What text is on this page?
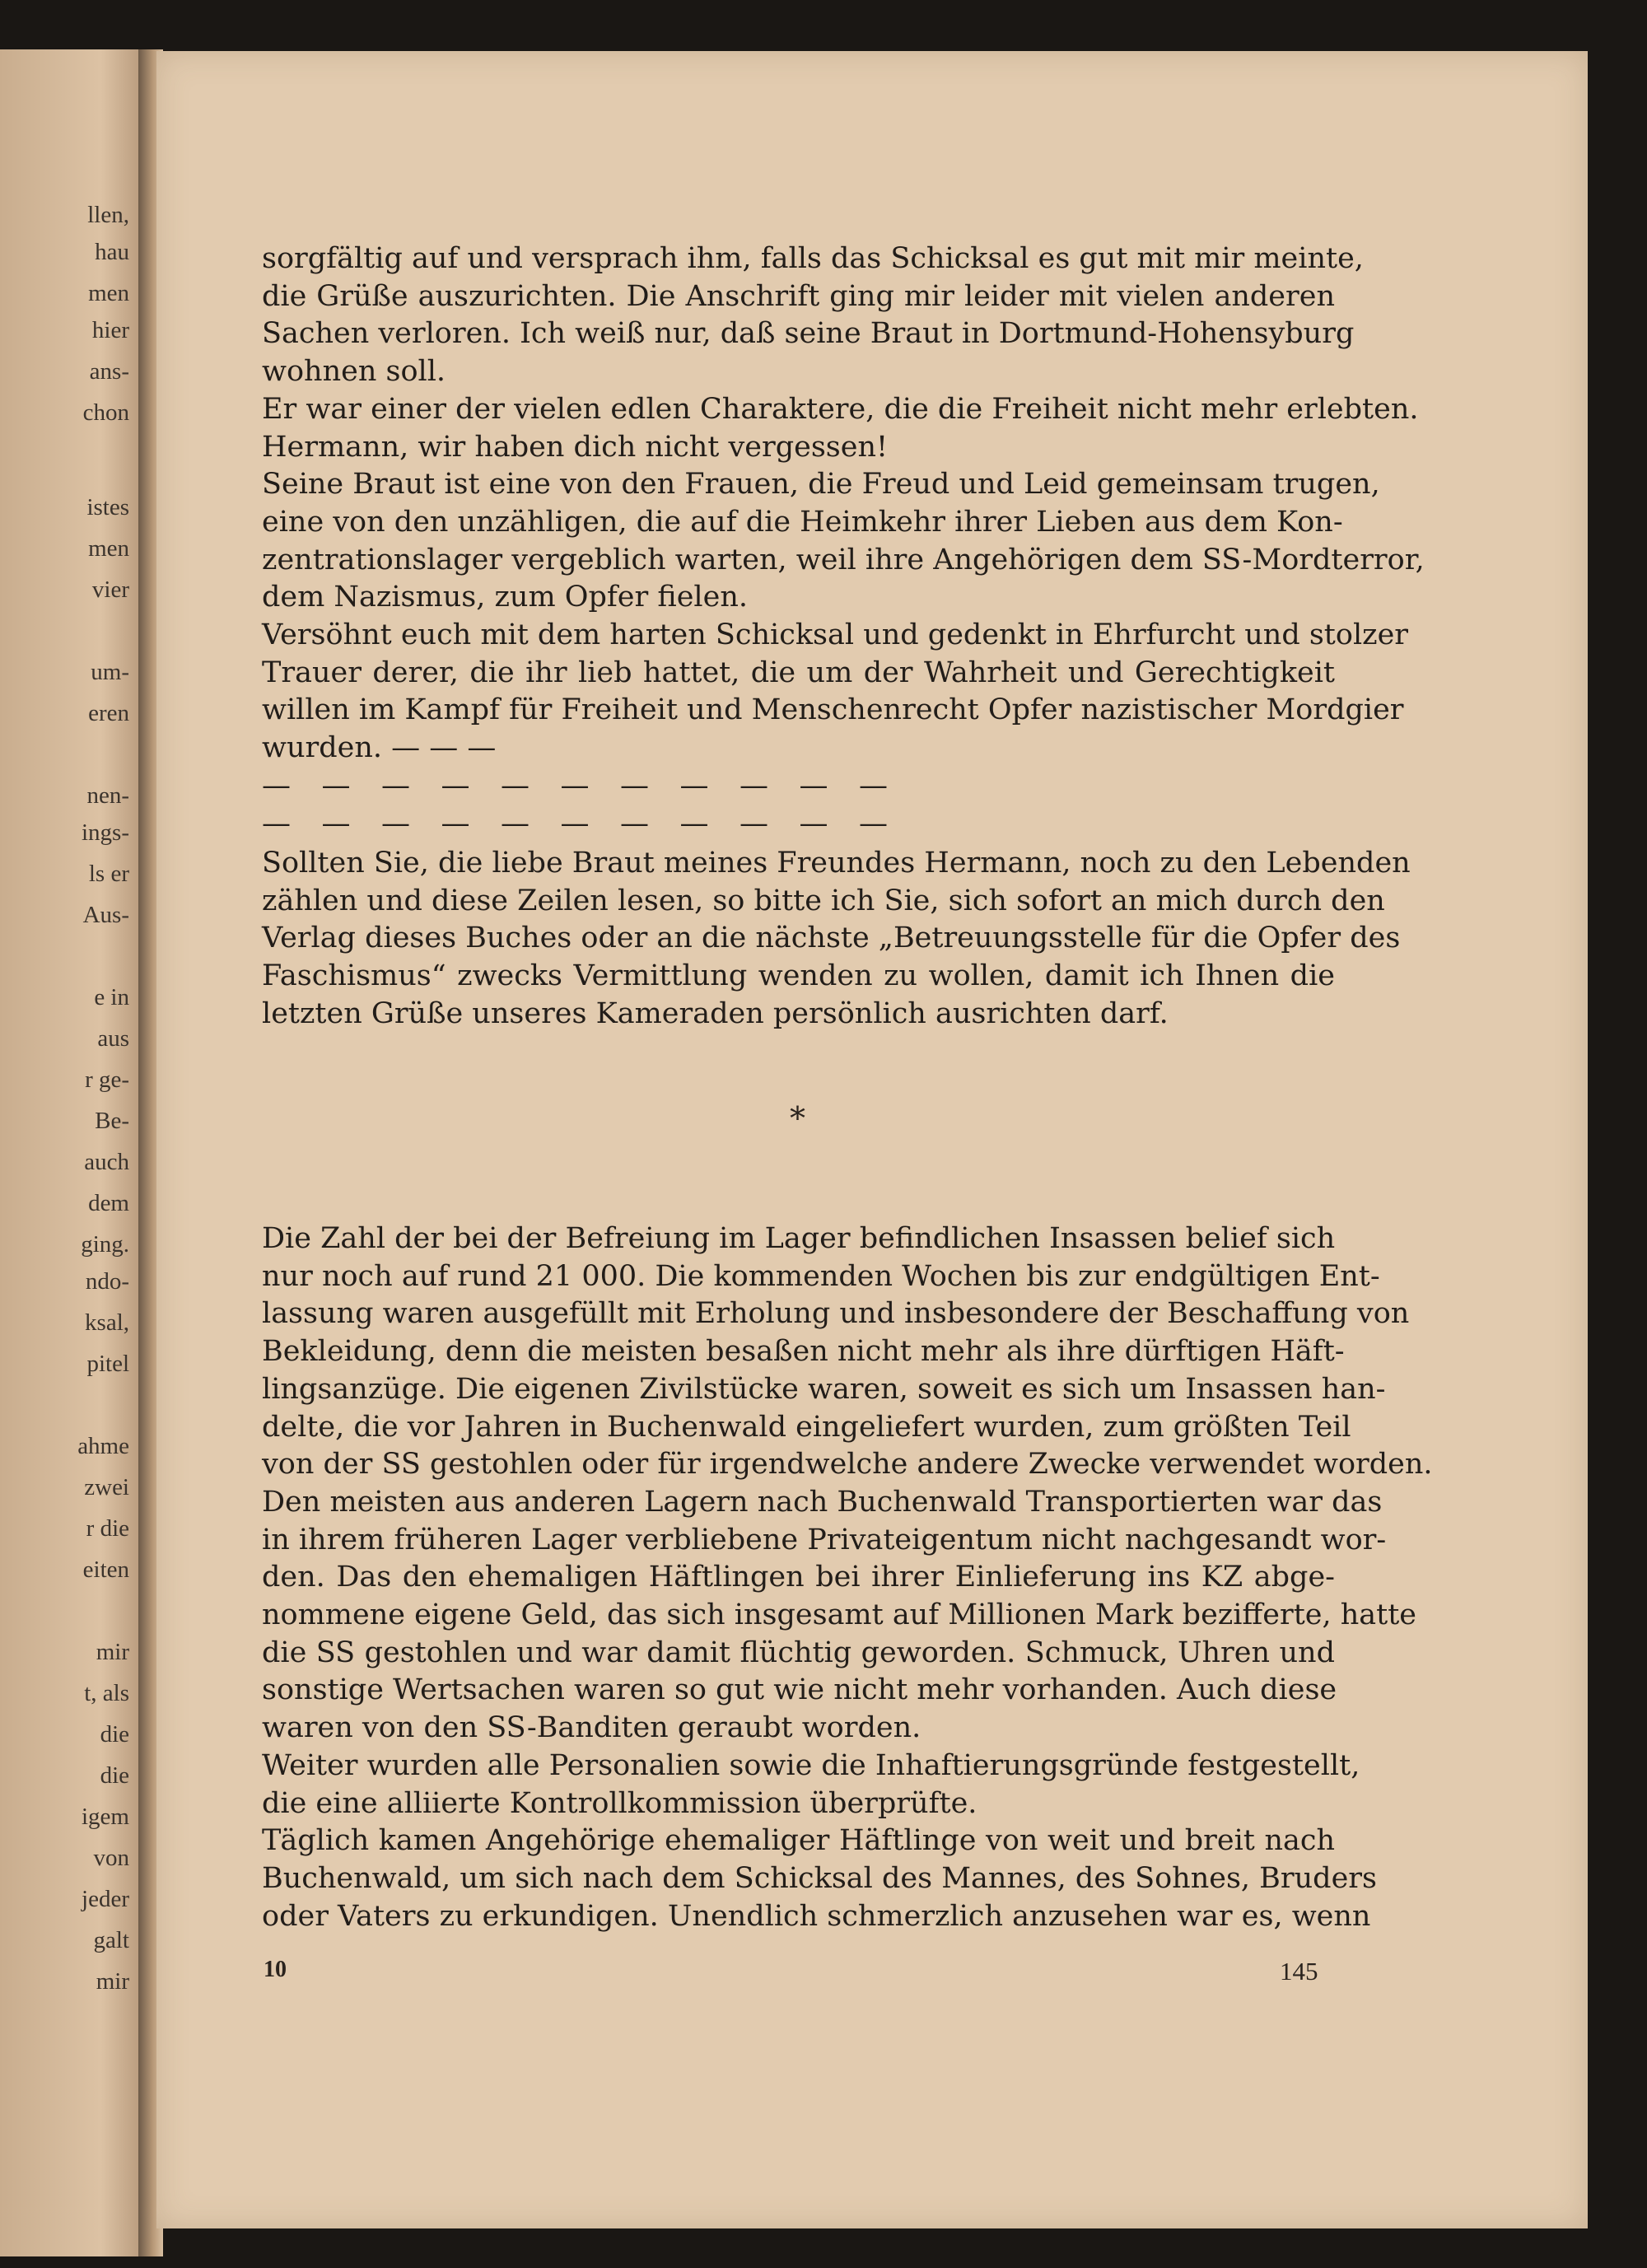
llen,
hau
men
hier
ans-
chon
istes
men
vier
um-
eren
nen-
ings-
ls er
Aus-
e in
aus
r ge-
Be-
auch
dem
ging.
ndo-
ksal,
pitel
ahme
zwei
r die
eiten
mir
t, als
die
die
igem
von
jeder
galt
mir
sorgfältig auf und versprach ihm, falls das Schicksal es gut mit mir meinte,
die Grüße auszurichten. Die Anschrift ging mir leider mit vielen anderen
Sachen verloren. Ich weiß nur, daß seine Braut in Dortmund-Hohensyburg
wohnen soll.
Er war einer der vielen edlen Charaktere, die die Freiheit nicht mehr erlebten.
Hermann, wir haben dich nicht vergessen!
Seine Braut ist eine von den Frauen, die Freud und Leid gemeinsam trugen,
eine von den unzähligen, die auf die Heimkehr ihrer Lieben aus dem Kon-
zentrationslager vergeblich warten, weil ihre Angehörigen dem SS-Mordterror,
dem Nazismus, zum Opfer fielen.
Versöhnt euch mit dem harten Schicksal und gedenkt in Ehrfurcht und stolzer
Trauer derer, die ihr lieb hattet, die um der Wahrheit und Gerechtigkeit
willen im Kampf für Freiheit und Menschenrecht Opfer nazistischer Mordgier
wurden. — — —
— — — — — — — — — — —
— — — — — — — — — — —
Sollten Sie, die liebe Braut meines Freundes Hermann, noch zu den Lebenden
zählen und diese Zeilen lesen, so bitte ich Sie, sich sofort an mich durch den
Verlag dieses Buches oder an die nächste „Betreuungsstelle für die Opfer des
Faschismus“ zwecks Vermittlung wenden zu wollen, damit ich Ihnen die
letzten Grüße unseres Kameraden persönlich ausrichten darf.
*
Die Zahl der bei der Befreiung im Lager befindlichen Insassen belief sich
nur noch auf rund 21 000. Die kommenden Wochen bis zur endgültigen Ent-
lassung waren ausgefüllt mit Erholung und insbesondere der Beschaffung von
Bekleidung, denn die meisten besaßen nicht mehr als ihre dürftigen Häft-
lingsanzüge. Die eigenen Zivilstücke waren, soweit es sich um Insassen han-
delte, die vor Jahren in Buchenwald eingeliefert wurden, zum größten Teil
von der SS gestohlen oder für irgendwelche andere Zwecke verwendet worden.
Den meisten aus anderen Lagern nach Buchenwald Transportierten war das
in ihrem früheren Lager verbliebene Privateigentum nicht nachgesandt wor-
den. Das den ehemaligen Häftlingen bei ihrer Einlieferung ins KZ abge-
nommene eigene Geld, das sich insgesamt auf Millionen Mark bezifferte, hatte
die SS gestohlen und war damit flüchtig geworden. Schmuck, Uhren und
sonstige Wertsachen waren so gut wie nicht mehr vorhanden. Auch diese
waren von den SS-Banditen geraubt worden.
Weiter wurden alle Personalien sowie die Inhaftierungsgründe festgestellt,
die eine alliierte Kontrollkommission überprüfte.
Täglich kamen Angehörige ehemaliger Häftlinge von weit und breit nach
Buchenwald, um sich nach dem Schicksal des Mannes, des Sohnes, Bruders
oder Vaters zu erkundigen. Unendlich schmerzlich anzusehen war es, wenn
10	145
